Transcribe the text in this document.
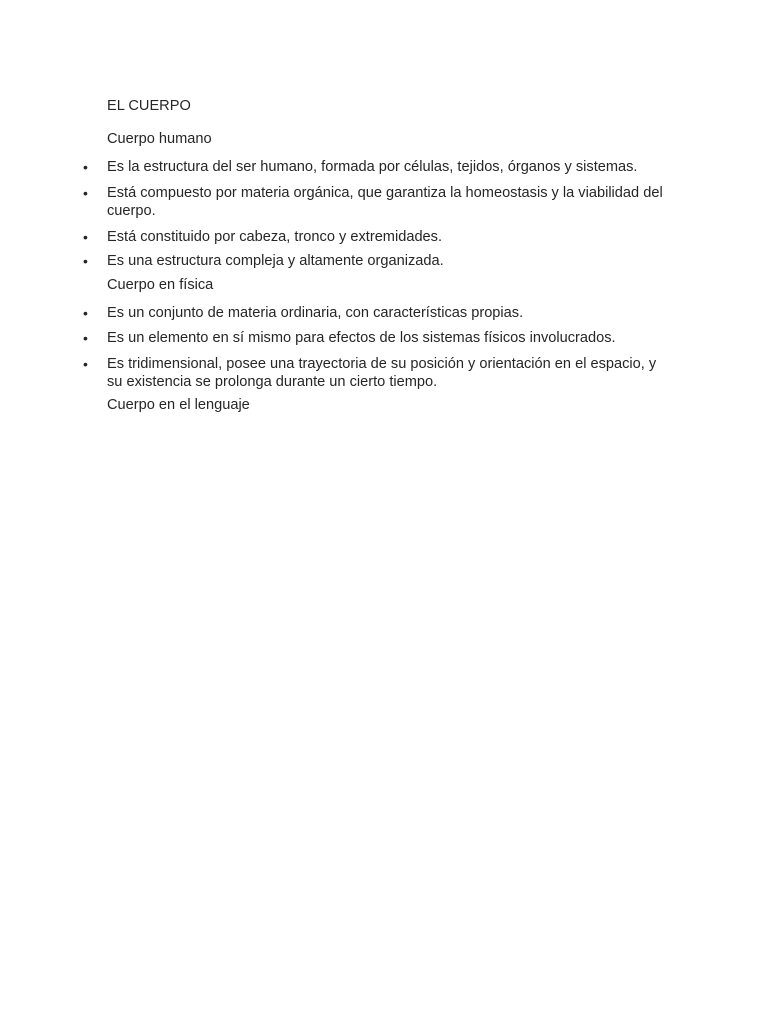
EL CUERPO
Cuerpo humano
• Es la estructura del ser humano, formada por células, tejidos, órganos y sistemas.
• Está compuesto por materia orgánica, que garantiza la homeostasis y la viabilidad del cuerpo.
• Está constituido por cabeza, tronco y extremidades.
• Es una estructura compleja y altamente organizada.
Cuerpo en física
• Es un conjunto de materia ordinaria, con características propias.
• Es un elemento en sí mismo para efectos de los sistemas físicos involucrados.
• Es tridimensional, posee una trayectoria de su posición y orientación en el espacio, y su existencia se prolonga durante un cierto tiempo.
Cuerpo en el lenguaje
